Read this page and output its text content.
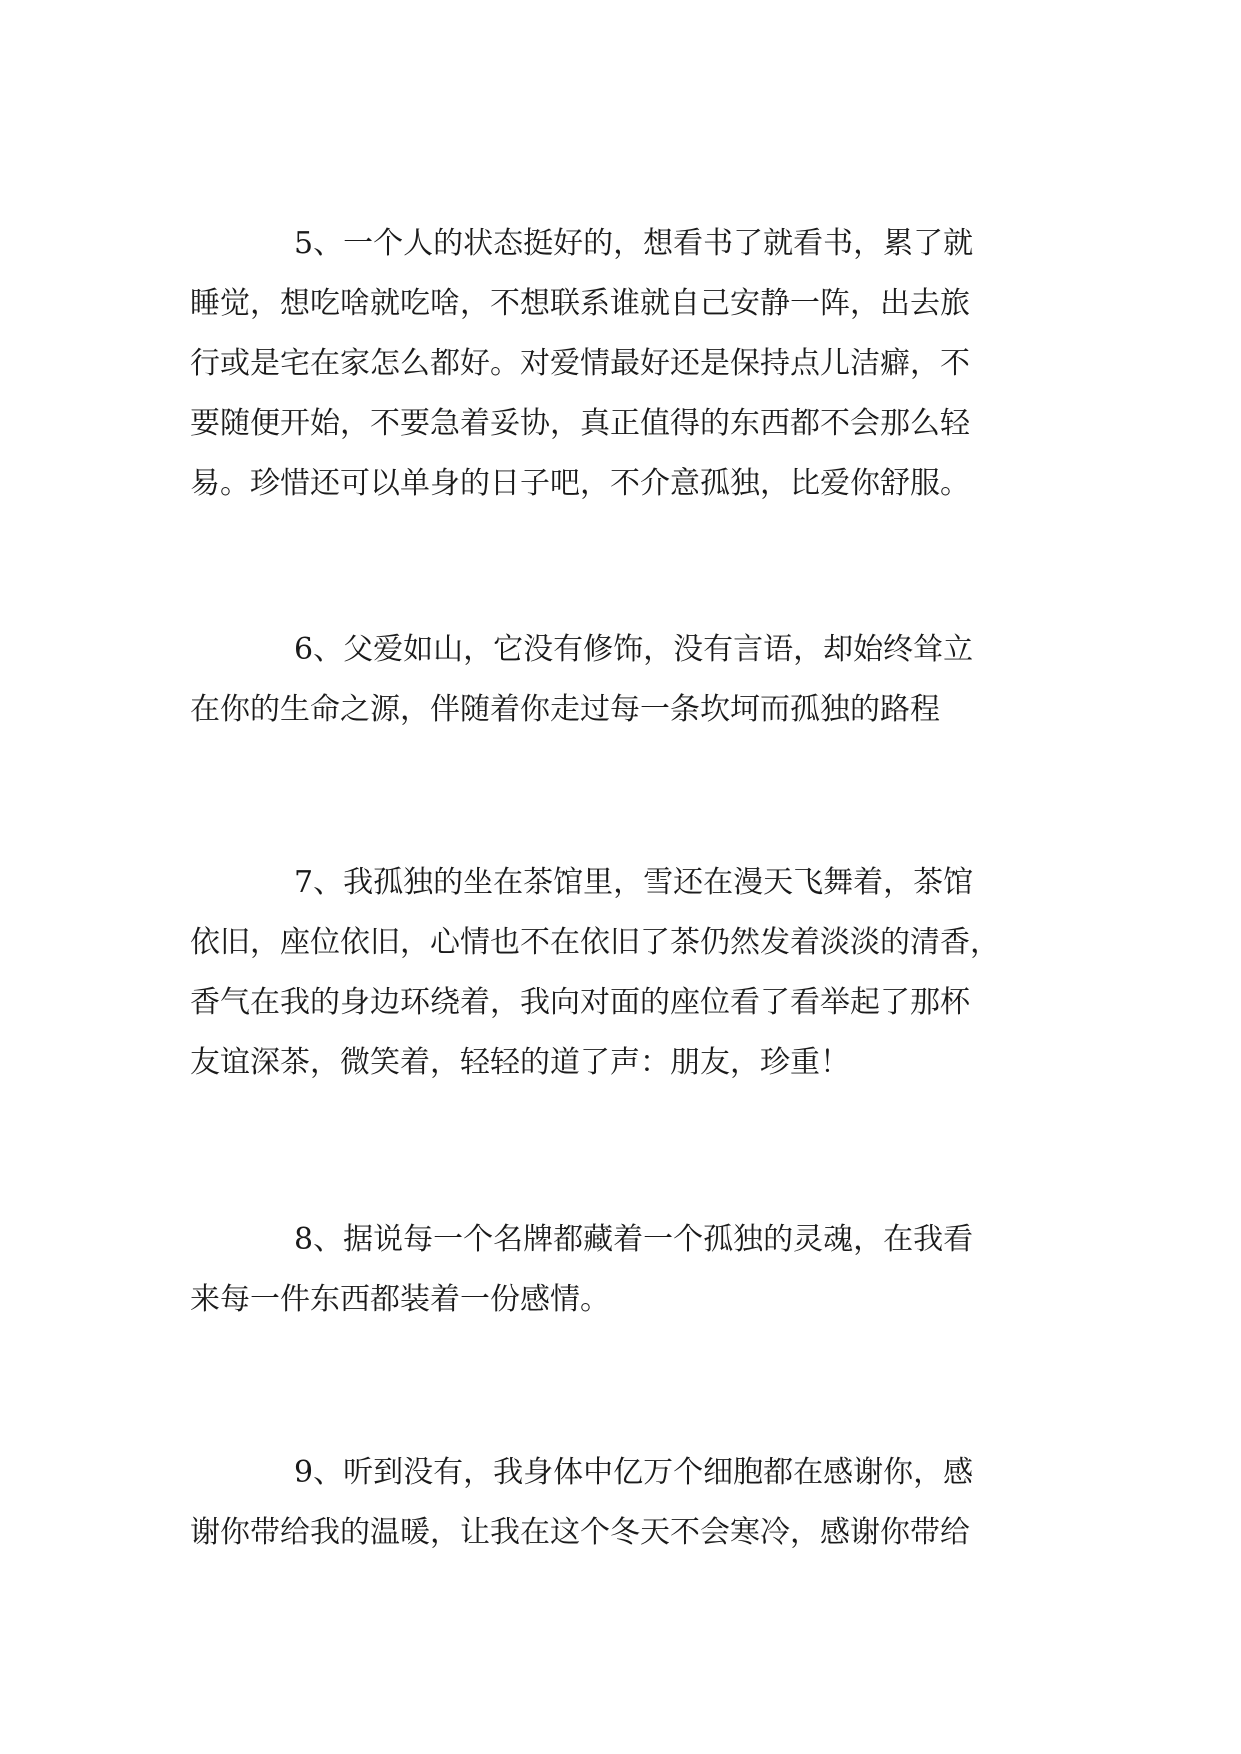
5、一个人的状态挺好的，想看书了就看书，累了就
睡觉，想吃啥就吃啥，不想联系谁就自己安静一阵，出去旅
行或是宅在家怎么都好。对爱情最好还是保持点儿洁癖，不
要随便开始，不要急着妥协，真正值得的东西都不会那么轻
易。珍惜还可以单身的日子吧，不介意孤独，比爱你舒服。
6、父爱如山，它没有修饰，没有言语，却始终耸立
在你的生命之源，伴随着你走过每一条坎坷而孤独的路程
7、我孤独的坐在茶馆里，雪还在漫天飞舞着，茶馆
依旧，座位依旧，心情也不在依旧了茶仍然发着淡淡的清香，
香气在我的身边环绕着，我向对面的座位看了看举起了那杯
友谊深茶，微笑着，轻轻的道了声：朋友，珍重！
8、据说每一个名牌都藏着一个孤独的灵魂，在我看
来每一件东西都装着一份感情。
9、听到没有，我身体中亿万个细胞都在感谢你，感
谢你带给我的温暖，让我在这个冬天不会寒冷，感谢你带给
